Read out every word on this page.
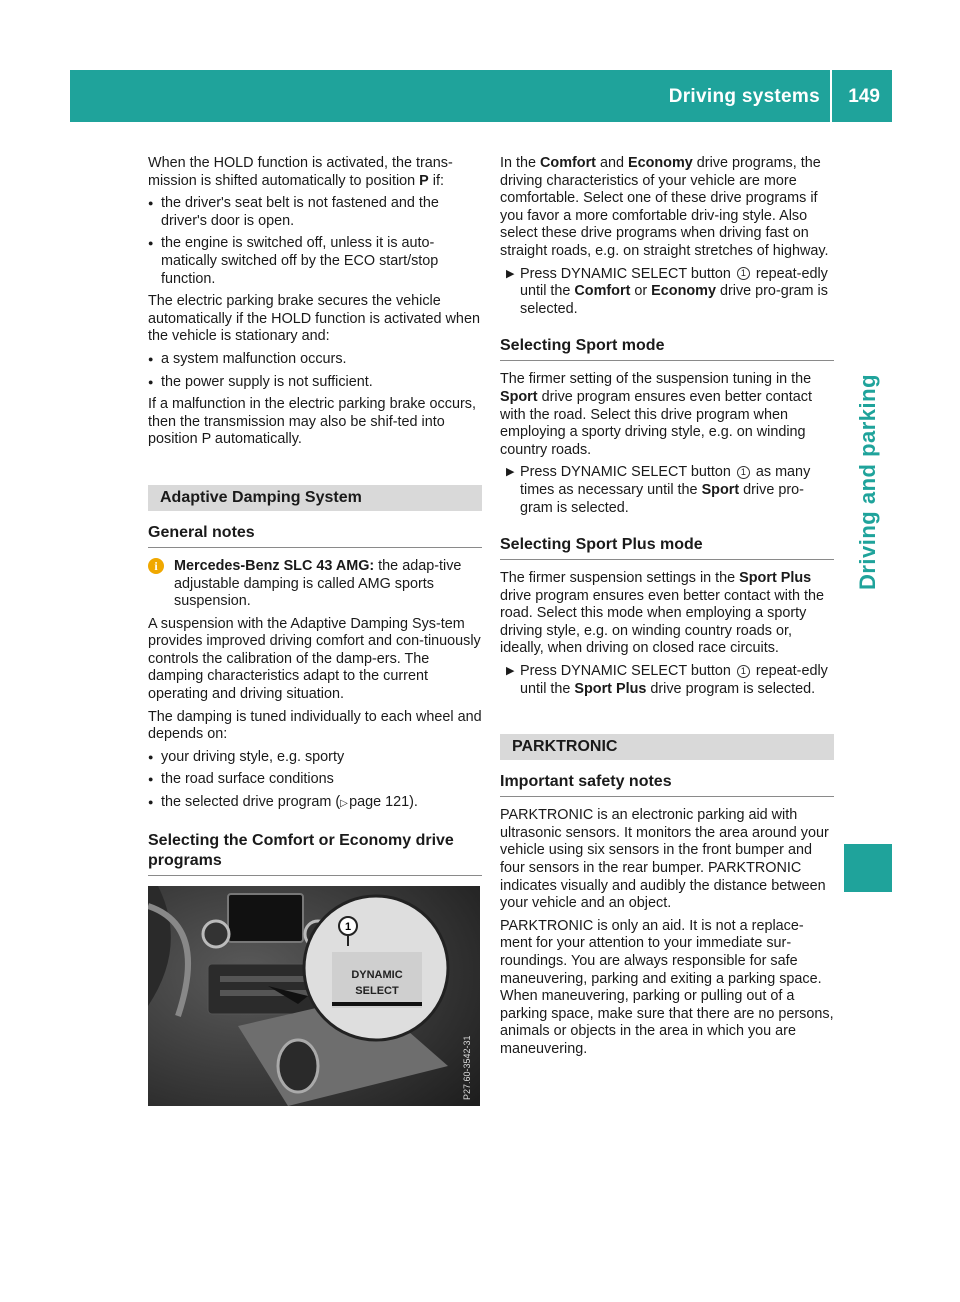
Driving systems 149
Driving and parking

When the HOLD function is activated, the trans-mission is shifted automatically to position P if:

● the driver's seat belt is not fastened and the driver's door is open.
● the engine is switched off, unless it is auto-matically switched off by the ECO start/stop function.

The electric parking brake secures the vehicle automatically if the HOLD function is activated when the vehicle is stationary and:

● a system malfunction occurs.
● the power supply is not sufficient.

If a malfunction in the electric parking brake occurs, then the transmission may also be shif-ted into position P automatically.

Adaptive Damping System
General notes
i	Mercedes-Benz SLC 43 AMG: the adap-tive adjustable damping is called AMG sports suspension.

A suspension with the Adaptive Damping Sys-tem provides improved driving comfort and con-tinuously controls the calibration of the damp-ers. The damping characteristics adapt to the current operating and driving situation.

The damping is tuned individually to each wheel and depends on:

● your driving style, e.g. sporty
● the road surface conditions
● the selected drive program (▷ page 121).
Selecting the Comfort or Economy drive programs
1
DYNAMIC
SELECT
P27.60-3542-31

In the Comfort and Economy drive programs, the driving characteristics of your vehicle are more comfortable. Select one of these drive programs if you favor a more comfortable driv-ing style. Also select these drive programs when driving fast on straight roads, e.g. on straight stretches of highway.

▶ Press DYNAMIC SELECT button 1 repeat-edly until the Comfort or Economy drive pro-gram is selected.
Selecting Sport mode

The firmer setting of the suspension tuning in the Sport drive program ensures even better contact with the road. Select this drive program when employing a sporty driving style, e.g. on winding country roads.

▶ Press DYNAMIC SELECT button 1 as many times as necessary until the Sport drive pro-gram is selected.
Selecting Sport Plus mode

The firmer suspension settings in the Sport Plus drive program ensures even better contact with the road. Select this mode when employing a sporty driving style, e.g. on winding country roads or, ideally, when driving on closed race circuits.

▶ Press DYNAMIC SELECT button 1 repeat-edly until the Sport Plus drive program is selected.
PARKTRONIC
Important safety notes

PARKTRONIC is an electronic parking aid with ultrasonic sensors. It monitors the area around your vehicle using six sensors in the front bumper and four sensors in the rear bumper. PARKTRONIC indicates visually and audibly the distance between your vehicle and an object.

PARKTRONIC is only an aid. It is not a replace-ment for your attention to your immediate sur-roundings. You are always responsible for safe maneuvering, parking and exiting a parking space. When maneuvering, parking or pulling out of a parking space, make sure that there are no persons, animals or objects in the area in which you are maneuvering.
